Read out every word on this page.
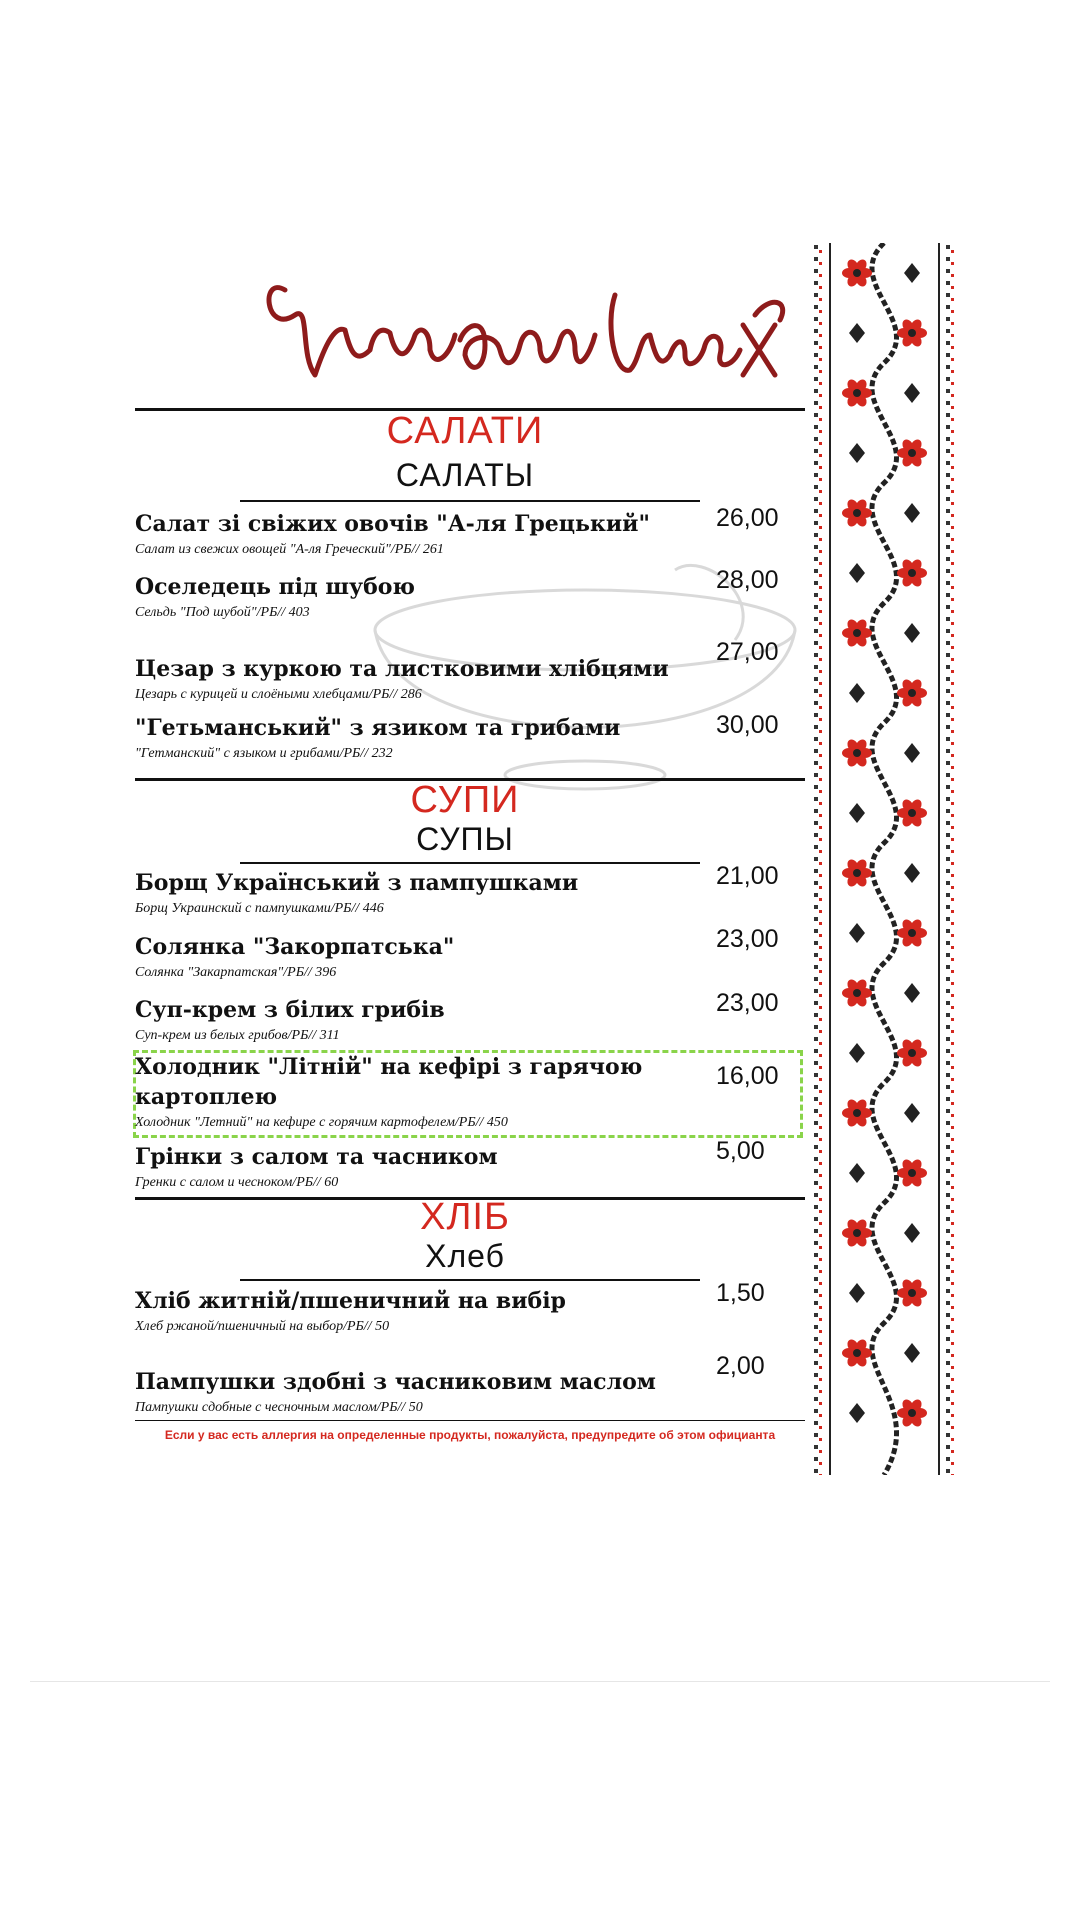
САЛАТИ
САЛАТЫ
Салат зі свіжих овочів "А-ля Грецький"
Салат из свежих овощей "А-ля Греческий"/РБ// 261
26,00
Оселедець під шубою
Сельдь "Под шубой"/РБ// 403
28,00
Цезар з куркою та листковими хлібцями
Цезарь с курицей и слоёными хлебцами/РБ// 286
27,00
"Гетьманський" з язиком та грибами
"Гетманский" с языком и грибами/РБ// 232
30,00
СУПИ
СУПЫ
Борщ Український з пампушками
Борщ Украинский с пампушками/РБ// 446
21,00
Солянка "Закорпатська"
Солянка "Закарпатская"/РБ// 396
23,00
Суп-крем з білих грибів
Суп-крем из белых грибов/РБ// 311
23,00
Холодник "Літній" на кефірі з гарячою картоплею
Холодник "Летний" на кефире с горячим картофелем/РБ// 450
16,00
Грінки з салом та часником
Гренки с салом и чесноком/РБ// 60
5,00
ХЛІБ
Хлеб
Хліб житній/пшеничний на вибір
Хлеб ржаной/пшеничный на выбор/РБ// 50
1,50
Пампушки здобні з часниковим маслом
Пампушки сдобные с чесночным маслом/РБ// 50
2,00
Если у вас есть аллергия на определенные продукты, пожалуйста, предупредите об этом официанта
